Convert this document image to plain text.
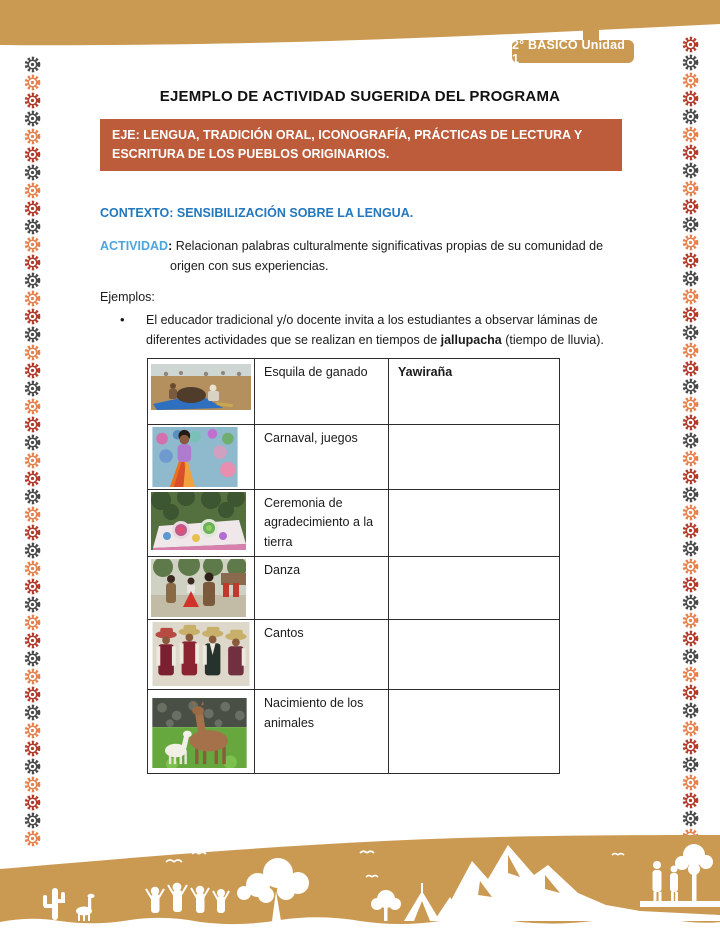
2° BÁSICO Unidad 1
EJEMPLO DE ACTIVIDAD SUGERIDA DEL PROGRAMA
EJE: LENGUA, TRADICIÓN ORAL, ICONOGRAFÍA, PRÁCTICAS DE LECTURA Y ESCRITURA DE LOS PUEBLOS ORIGINARIOS.
CONTEXTO: SENSIBILIZACIÓN SOBRE LA LENGUA.

ACTIVIDAD: Relacionan palabras culturalmente significativas propias de su comunidad de origen con sus experiencias.

Ejemplos:
•	El educador tradicional y/o docente invita a los estudiantes a observar láminas de diferentes actividades que se realizan en tiempos de jallupacha (tiempo de lluvia).

	Esquila de ganado	Yawiraña

	Carnaval, juegos	

	Ceremonia de agradecimiento a la tierra	

	Danza	

	Cantos	

	Nacimiento de los animales	
